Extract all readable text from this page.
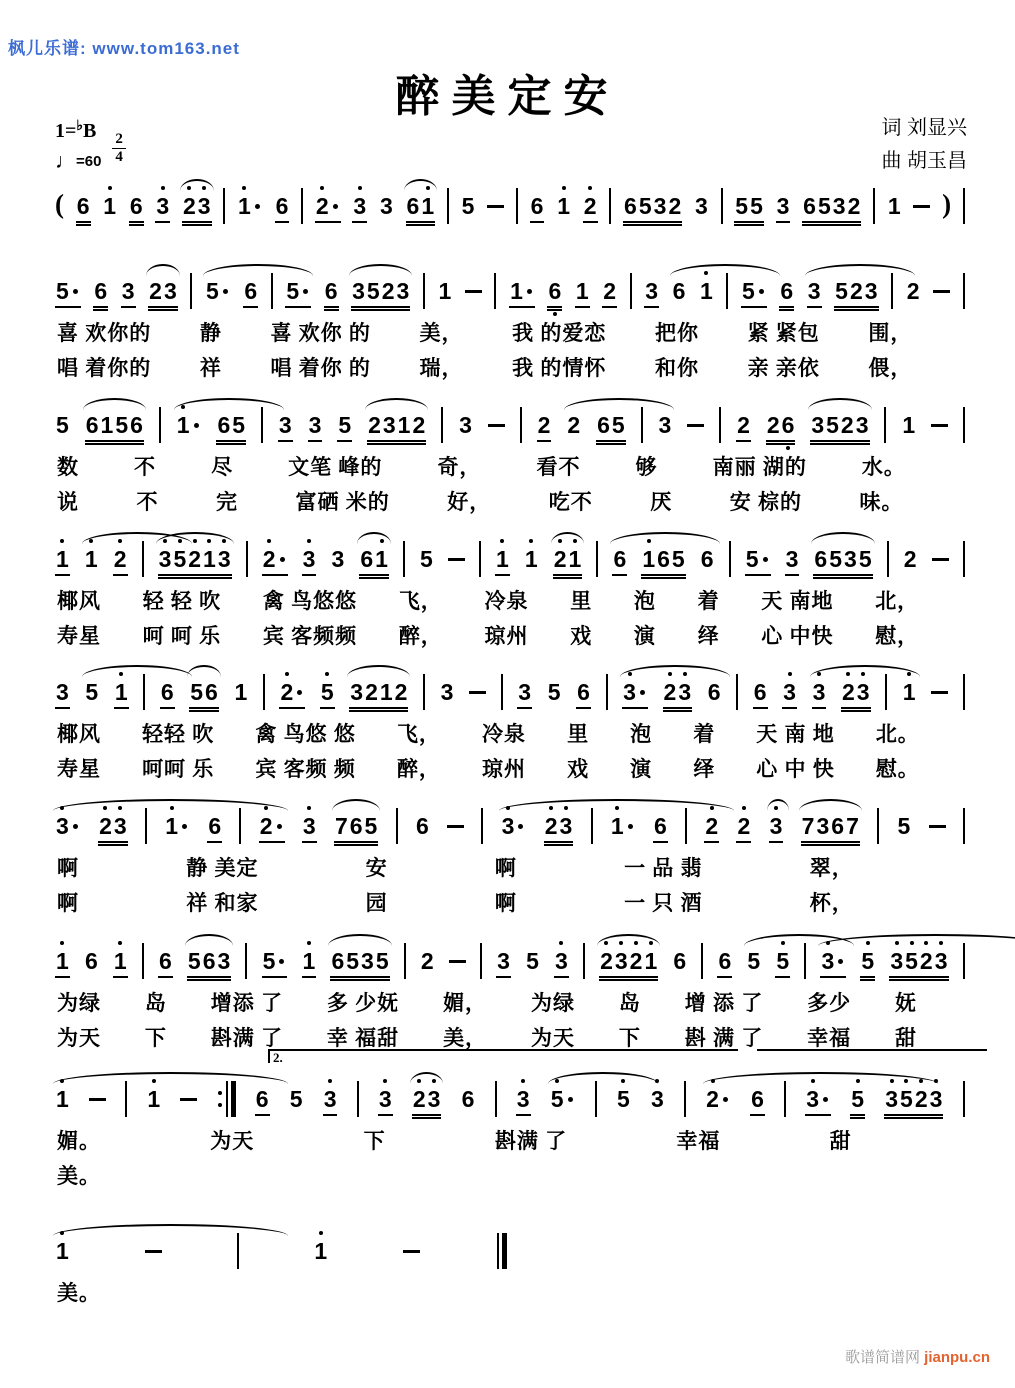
枫儿乐谱: www.tom163.net
醉美定安
$1=^♭B \frac{2}{4}$
♩=60
词 刘显兴
曲 胡玉昌
( 6 1 6 3 2 3 1 6 2 3 3 6 1 5 6 1 2 6 5 3 2 3 5 5 3 6 5 3 2 1 )
5 6 3 2 3 5 6 5 6 3 5 2 3 1	1 6 1 2 3 6 1 5 6 3 5 2 3 2
喜 欢你的 静 喜 欢你 的 美， 我 的爱恋 把你 紧 紧包 围，
唱 着你的 祥 唱 着你 的 瑞， 我 的情怀 和你 亲 亲依 偎，
5 6 1 5 6 1 6 5 3 3 5 2 3 1 2 3	2 2 6 5 3	2 2 6 3 5 2 3 1
数	不	尽	文笔 峰的	奇，	看不	够	南丽 湖的	水。
说	不	完	富硒 米的	好，	吃不	厌	安 棕的	味。
1 1 2 3 5 2 1 3 2 3 3 6 1 5	1 1 2 1 6 1 6 5 6 5 3 6 5 3 5 2
椰风 轻 轻 吹 禽 鸟悠悠 飞， 冷泉 里 泡 着 天 南地 北，
寿星 呵 呵 乐 宾 客频频 醉， 琼州 戏 演 绎 心 中快 慰，
3 5 1 6 5 6 1 2 5 3 2 1 2 3	3 5 6 3 2 3 6 6 3 3 2 3 1
椰风 轻轻 吹 禽 鸟悠 悠 飞， 冷泉 里 泡 着 天 南 地 北。
寿星 呵呵 乐 宾 客频 频 醉， 琼州 戏 演 绎 心 中 快 慰。
3 2 3 1 6 2 3 7 6 5 6	3 2 3 1 6 2 2 3 7 3 6 7 5
啊	静 美定	安	啊	一 品 翡	翠，
啊	祥 和家	园	啊	一 只 酒	杯，
1 6 1 6 5 6 3 5 1 6 5 3 5 2	3 5 3 2 3 2 1 6 6 5 5 3 5 3 5 2 3
为绿 岛 增添 了 多 少妩 媚， 为绿 岛 增 添 了 多少 妩
为天 下 斟满 了 幸 福甜 美， 为天 下 斟 满 了 幸福 甜
1	1	6 5 3 3 2 3 6 3 5 5 3 2 6 3 5 3 5 2 3
媚。	为天	下	斟满 了	幸福	甜
美。
1	1
美。
2.
歌谱简谱网 jianpu.cn
